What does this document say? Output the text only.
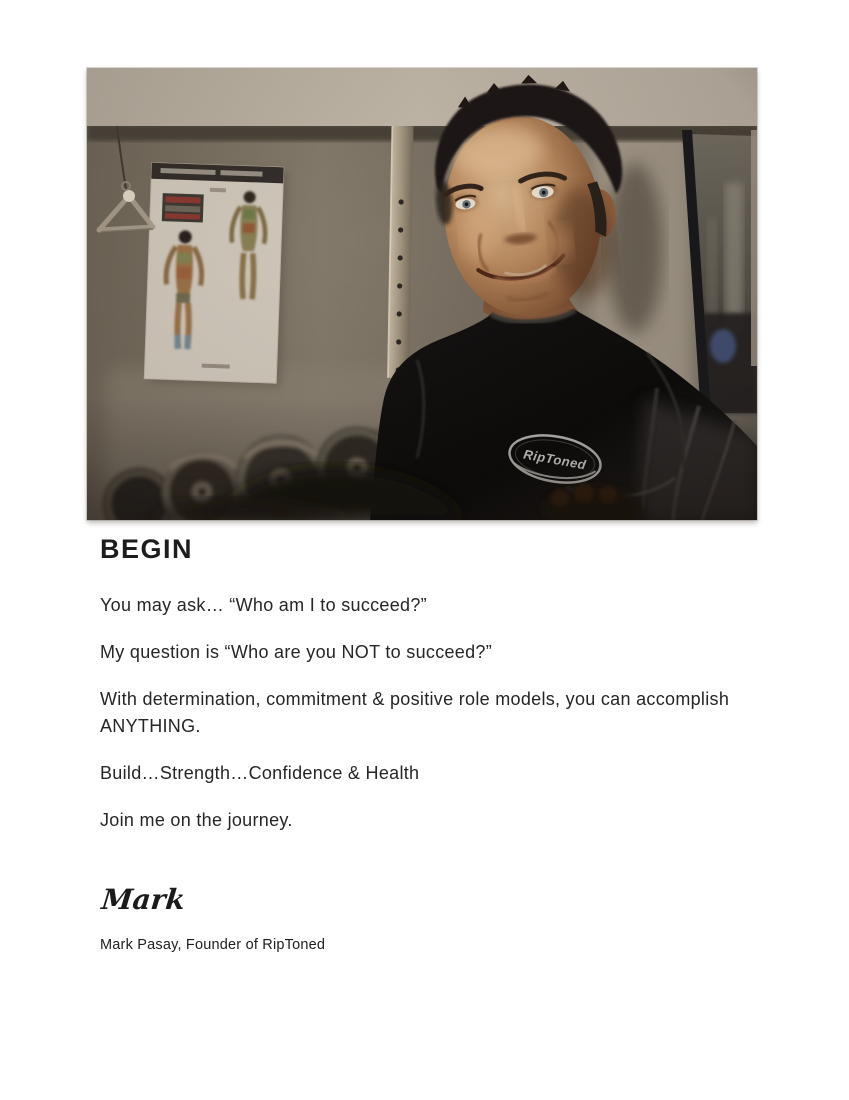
BEGIN

You may ask… “Who am I to succeed?”

My question is “Who are you NOT to succeed?”

With determination, commitment & positive role models, you can accomplish ANYTHING.

Build…Strength…Confidence & Health

Join me on the journey.

Mark
Mark Pasay, Founder of RipToned
